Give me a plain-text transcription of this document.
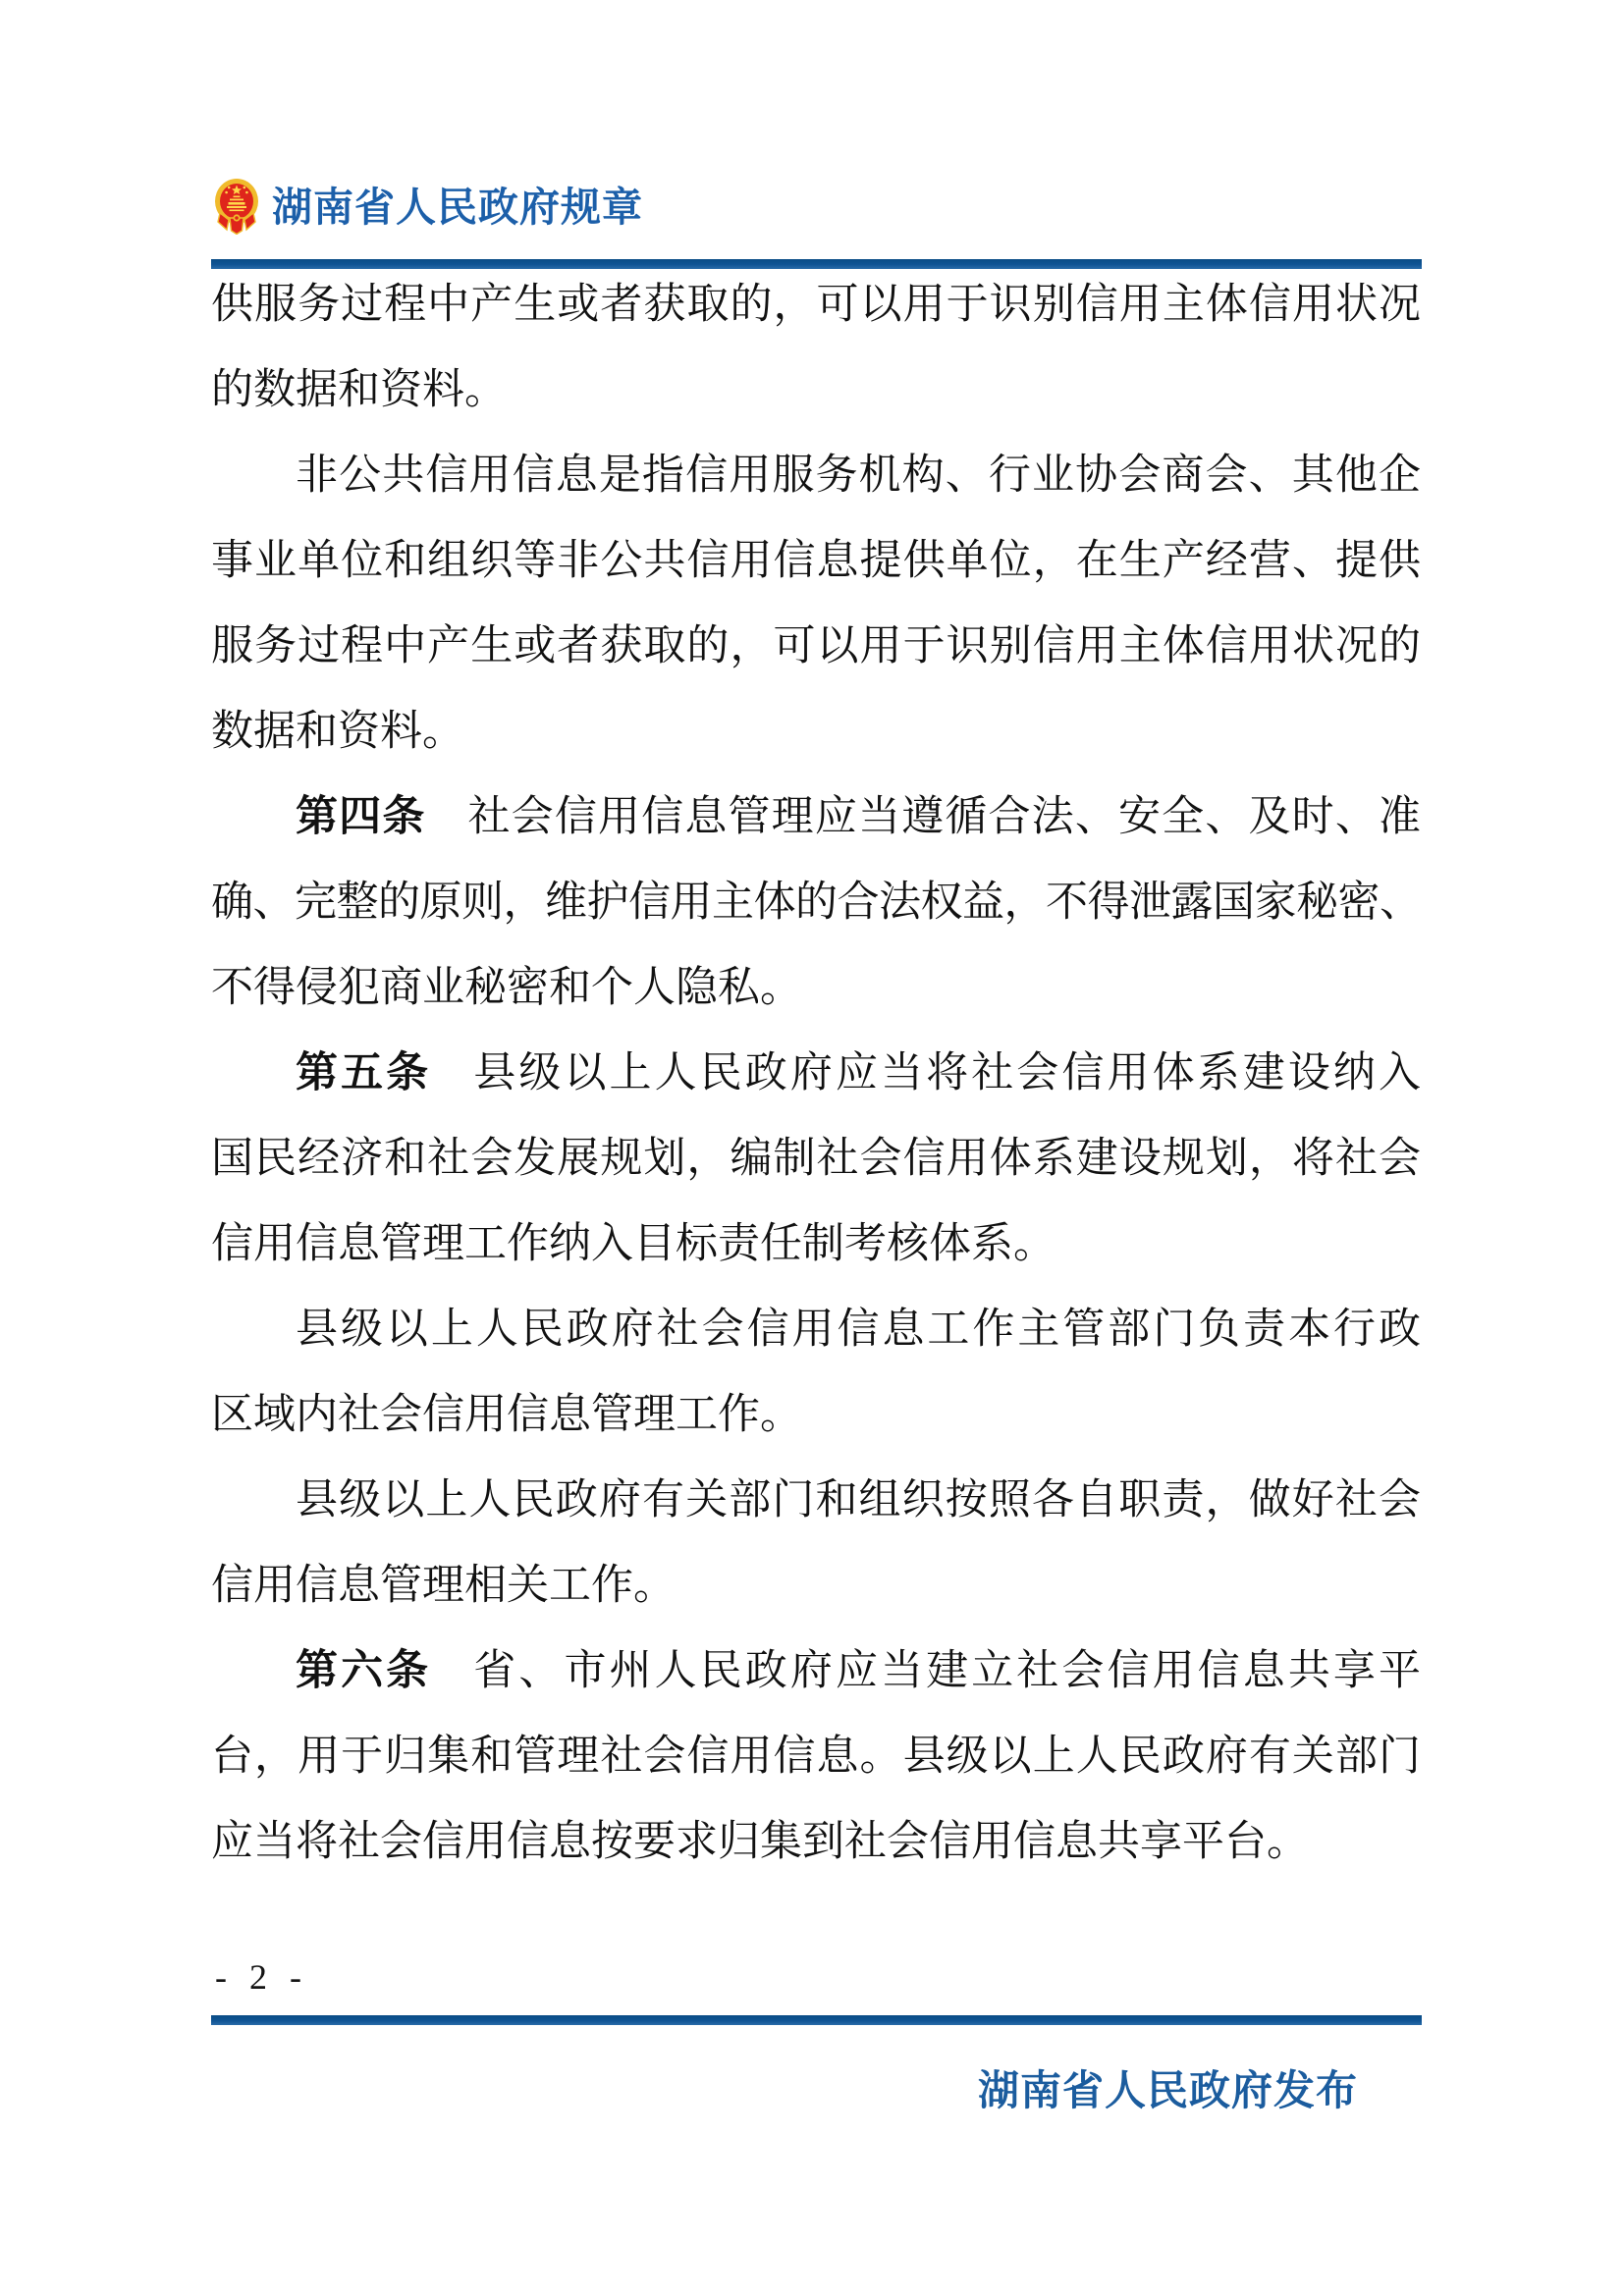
湖南省人民政府规章
供服务过程中产生或者获取的，可以用于识别信用主体信用状况
的数据和资料。
非公共信用信息是指信用服务机构、行业协会商会、其他企
事业单位和组织等非公共信用信息提供单位，在生产经营、提供
服务过程中产生或者获取的，可以用于识别信用主体信用状况的
数据和资料。
第四条 社会信用信息管理应当遵循合法、安全、及时、准
确、完整的原则，维护信用主体的合法权益，不得泄露国家秘密、
不得侵犯商业秘密和个人隐私。
第五条 县级以上人民政府应当将社会信用体系建设纳入
国民经济和社会发展规划，编制社会信用体系建设规划，将社会
信用信息管理工作纳入目标责任制考核体系。
县级以上人民政府社会信用信息工作主管部门负责本行政
区域内社会信用信息管理工作。
县级以上人民政府有关部门和组织按照各自职责，做好社会
信用信息管理相关工作。
第六条 省、市州人民政府应当建立社会信用信息共享平
台，用于归集和管理社会信用信息。县级以上人民政府有关部门
应当将社会信用信息按要求归集到社会信用信息共享平台。
- 2 -
湖南省人民政府发布
